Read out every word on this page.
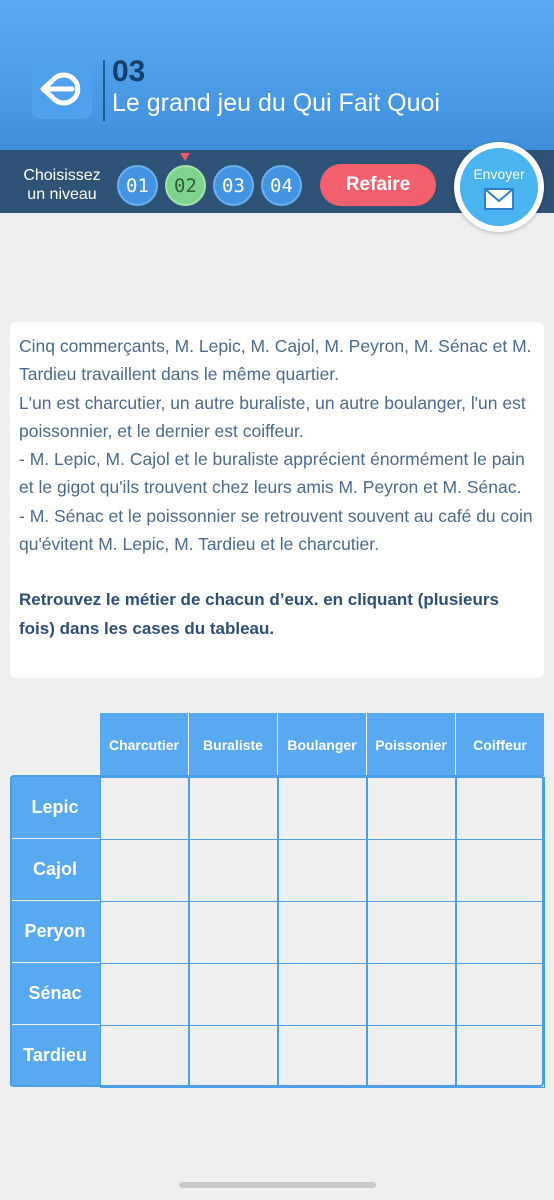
03
Le grand jeu du Qui Fait Quoi
Choisissez
un niveau	01	02	03	04	Refaire	Envoyer

Cinq commerçants, M. Lepic, M. Cajol, M. Peyron, M. Sénac et M. Tardieu travaillent dans le même quartier.

L'un est charcutier, un autre buraliste, un autre boulanger, l'un est poissonnier, et le dernier est coiffeur.

- M. Lepic, M. Cajol et le buraliste apprécient énormément le pain et le gigot qu'ils trouvent chez leurs amis M. Peyron et M. Sénac.

- M. Sénac et le poissonnier se retrouvent souvent au café du coin qu'évitent M. Lepic, M. Tardieu et le charcutier.

Retrouvez le métier de chacun d’eux. en cliquant (plusieurs fois) dans les cases du tableau.

Charcutier	Buraliste	Boulanger	Poissonier	Coiffeur
Lepic
Cajol
Peryon
Sénac
Tardieu
